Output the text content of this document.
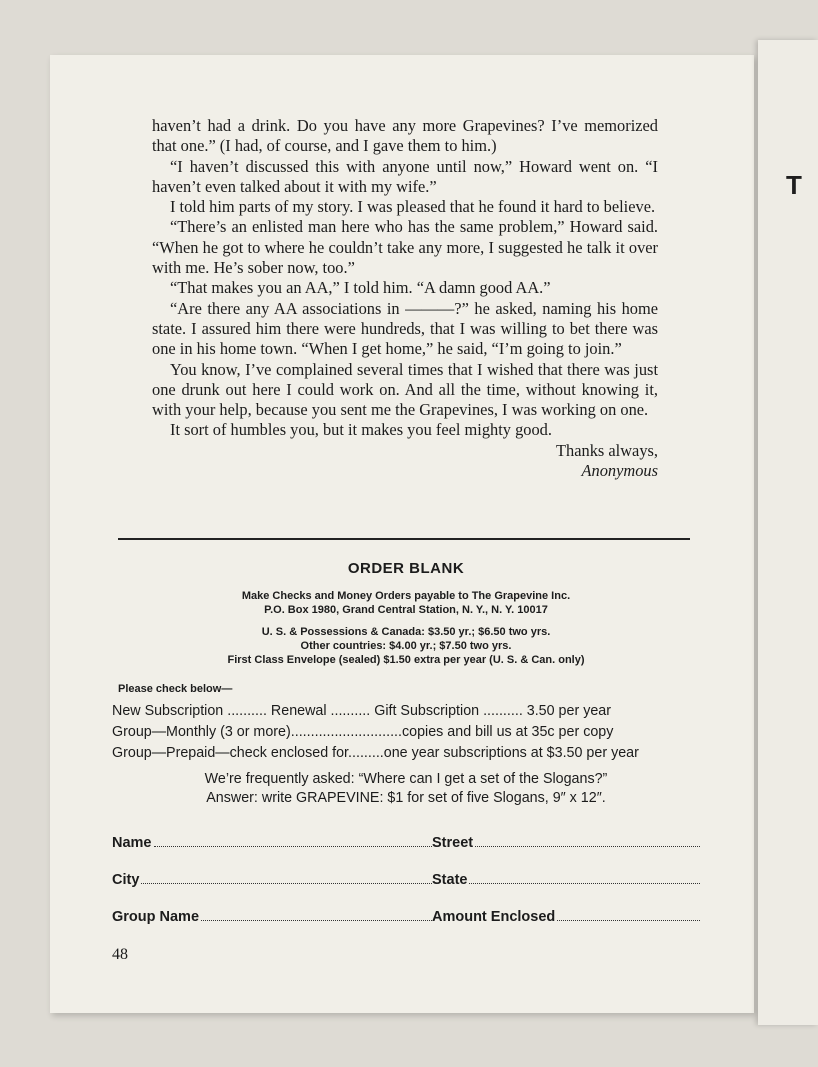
T

haven’t had a drink. Do you have any more Grapevines? I’ve memorized that one.” (I had, of course, and I gave them to him.)

“I haven’t discussed this with anyone until now,” Howard went on. “I haven’t even talked about it with my wife.”

I told him parts of my story. I was pleased that he found it hard to believe.

“There’s an enlisted man here who has the same problem,” Howard said. “When he got to where he couldn’t take any more, I suggested he talk it over with me. He’s sober now, too.”

“That makes you an AA,” I told him. “A damn good AA.”

“Are there any AA associations in ———?” he asked, naming his home state. I assured him there were hundreds, that I was willing to bet there was one in his home town. “When I get home,” he said, “I’m going to join.”

You know, I’ve complained several times that I wished that there was just one drunk out here I could work on. And all the time, without knowing it, with your help, because you sent me the Grapevines, I was working on one.

It sort of humbles you, but it makes you feel mighty good.

Thanks always,

Anonymous

ORDER BLANK
Make Checks and Money Orders payable to The Grapevine Inc.
P.O. Box 1980, Grand Central Station, N. Y., N. Y. 10017
U. S. & Possessions & Canada: $3.50 yr.; $6.50 two yrs.
Other countries: $4.00 yr.; $7.50 two yrs.
First Class Envelope (sealed) $1.50 extra per year (U. S. & Can. only)
Please check below—
New Subscription .......... Renewal .......... Gift Subscription .......... 3.50 per year
Group—Monthly (3 or more)............................copies and bill us at 35c per copy
Group—Prepaid—check enclosed for.........one year subscriptions at $3.50 per year
We’re frequently asked: “Where can I get a set of the Slogans?”
Answer: write GRAPEVINE: $1 for set of five Slogans, 9″ x 12″.
Name	Street
City	State
Group Name	Amount Enclosed
48
